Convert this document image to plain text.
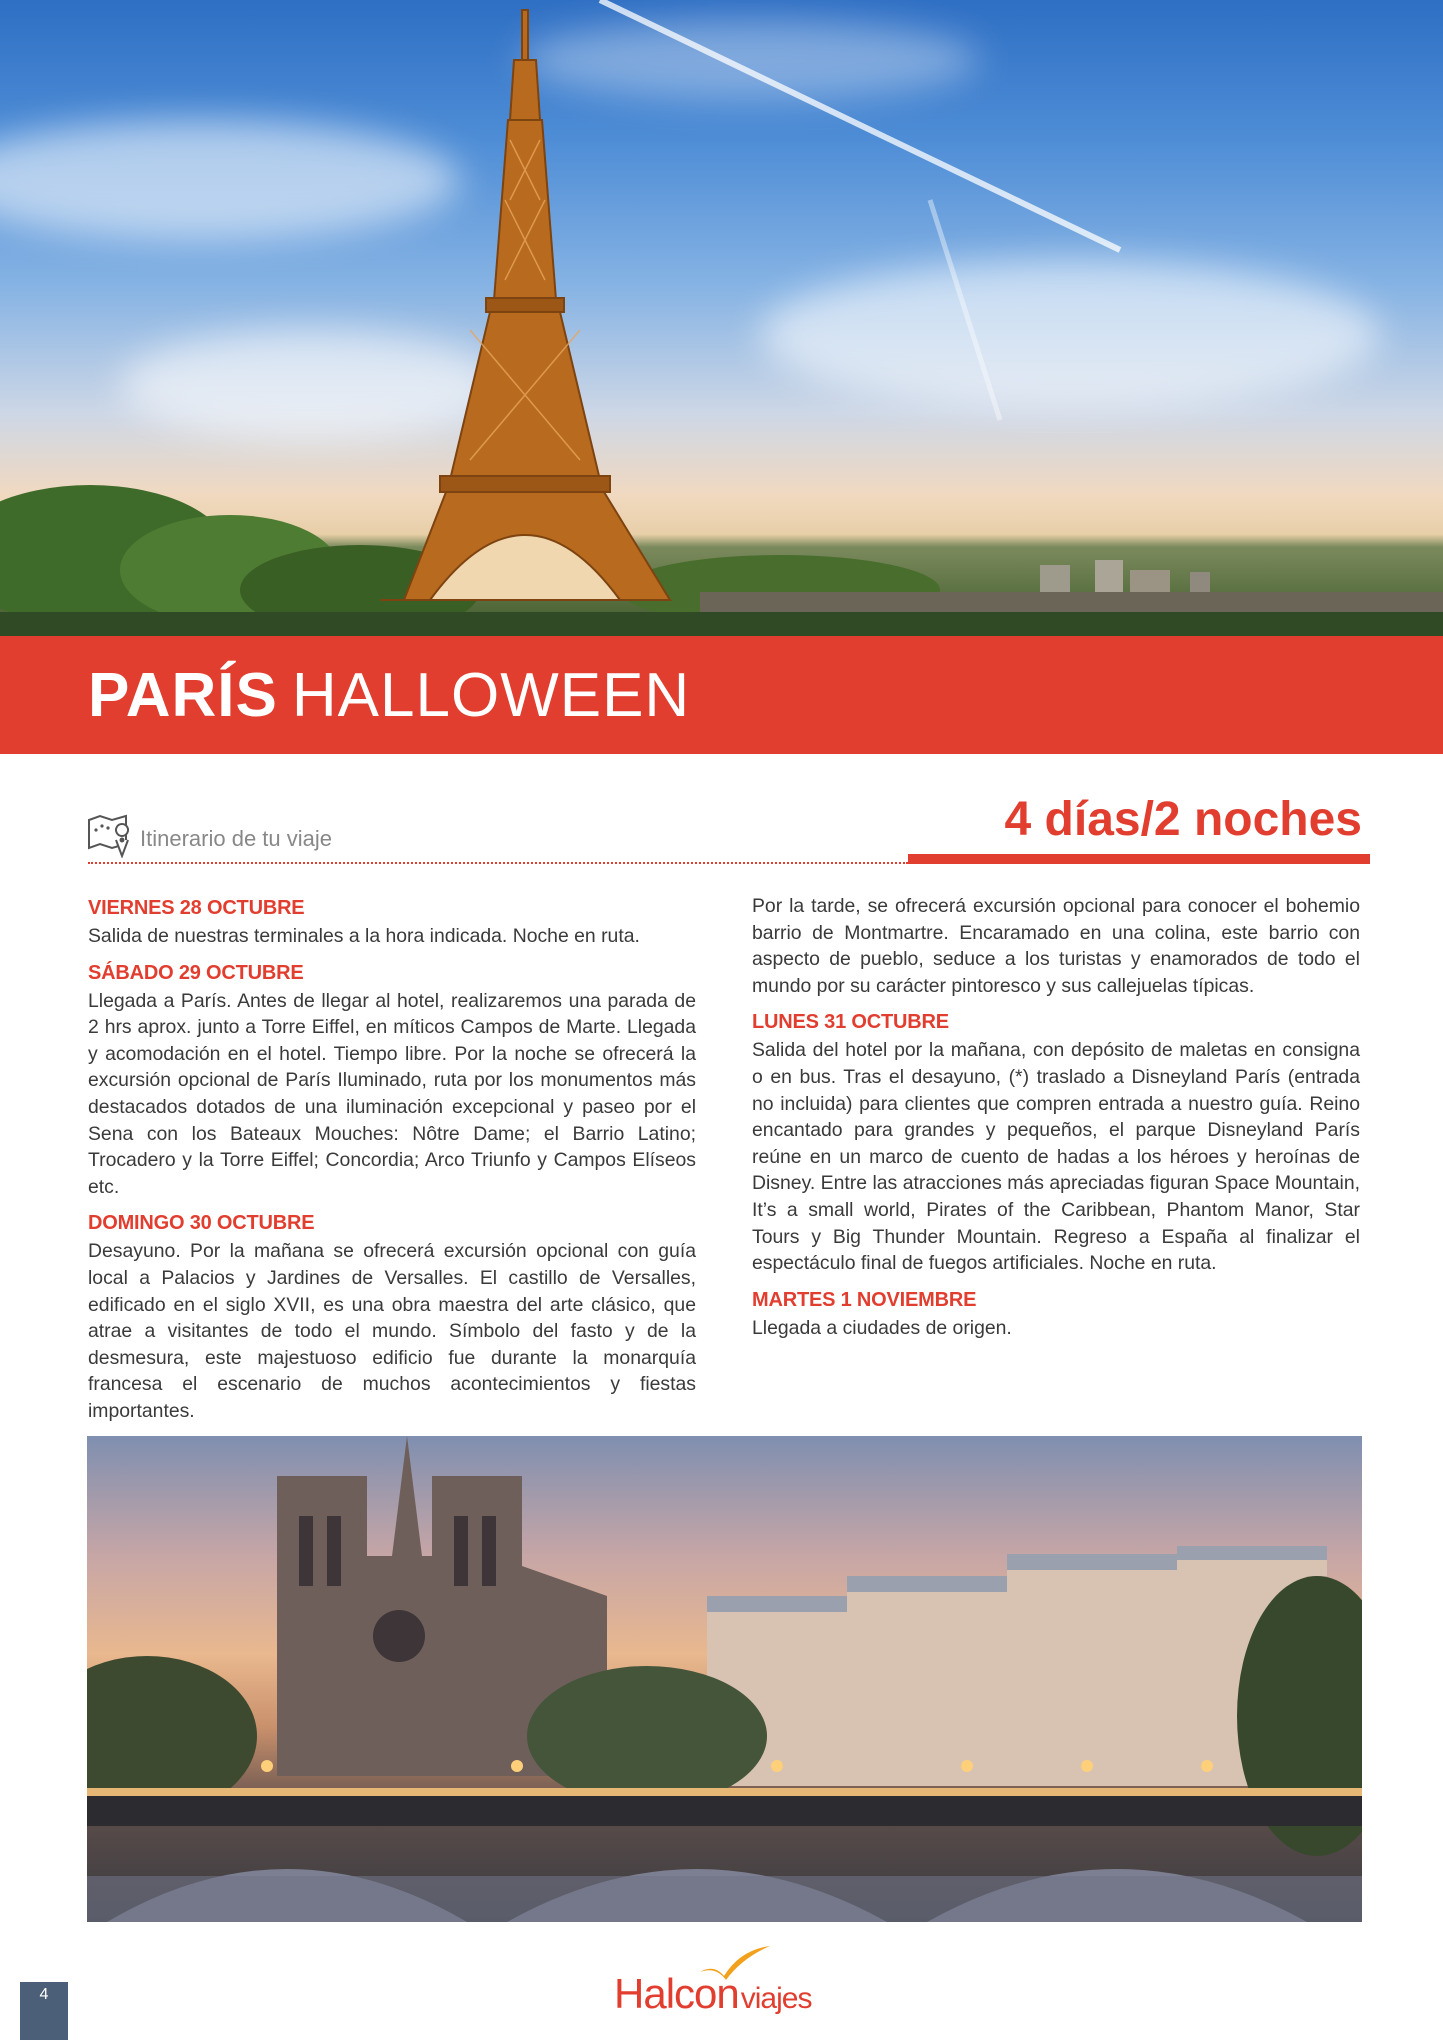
PARÍS HALLOWEEN
Itinerario de tu viaje	4 días/2 noches
VIERNES 28 OCTUBRE
Salida de nuestras terminales a la hora indicada. Noche en ruta.
SÁBADO 29 OCTUBRE
Llegada a París. Antes de llegar al hotel, realizaremos una parada de 2 hrs aprox. junto a Torre Eiffel, en míticos Campos de Marte. Llegada y acomodación en el hotel. Tiempo libre. Por la noche se ofrecerá la excursión opcional de París Iluminado, ruta por los monumentos más destacados dotados de una iluminación excepcional y paseo por el Sena con los Bateaux Mouches: Nôtre Dame; el Barrio Latino; Trocadero y la Torre Eiffel; Concordia; Arco Triunfo y Campos Elíseos etc.
DOMINGO 30 OCTUBRE
Desayuno. Por la mañana se ofrecerá excursión opcional con guía local a Palacios y Jardines de Versalles. El castillo de Versalles, edificado en el siglo XVII, es una obra maestra del arte clásico, que atrae a visitantes de todo el mundo. Símbolo del fasto y de la desmesura, este majestuoso edificio fue durante la monarquía francesa el escenario de muchos acontecimientos y fiestas importantes.
Por la tarde, se ofrecerá excursión opcional para conocer el bohemio barrio de Montmartre. Encaramado en una colina, este barrio con aspecto de pueblo, seduce a los turistas y enamorados de todo el mundo por su carácter pintoresco y sus callejuelas típicas.
LUNES 31 OCTUBRE
Salida del hotel por la mañana, con depósito de maletas en consigna o en bus. Tras el desayuno, (*) traslado a Disneyland París (entrada no incluida) para clientes que compren entrada a nuestro guía. Reino encantado para grandes y pequeños, el parque Disneyland París reúne en un marco de cuento de hadas a los héroes y heroínas de Disney. Entre las atracciones más apreciadas figuran Space Mountain, It’s a small world, Pirates of the Caribbean, Phantom Manor, Star Tours y Big Thunder Mountain. Regreso a España al finalizar el espectáculo final de fuegos artificiales. Noche en ruta.
MARTES 1 NOVIEMBRE
Llegada a ciudades de origen.
4	Halconviajes
